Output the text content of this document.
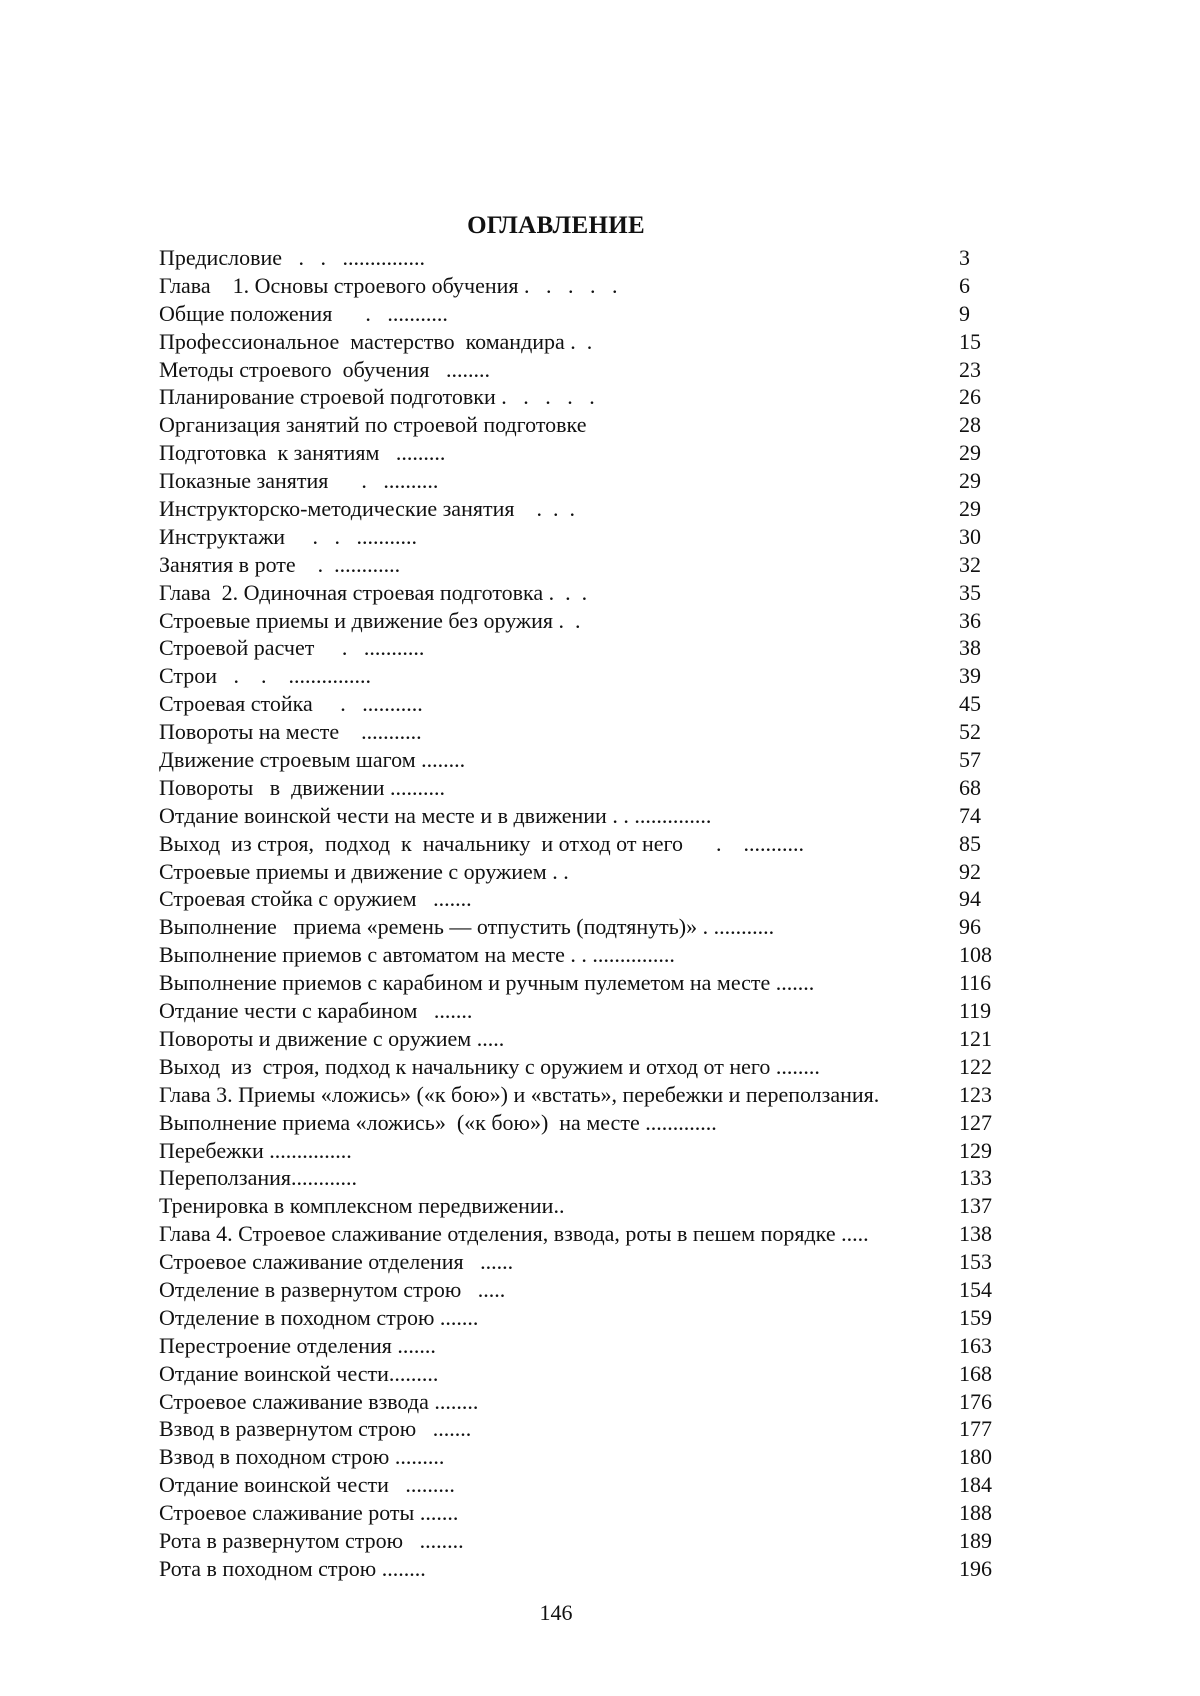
ОГЛАВЛЕНИЕ
Предисловие   .   .   ...............	3
Глава    1. Основы строевого обучения .   .   .   .   .	6
Общие положения      .   ...........	9
Профессиональное  мастерство  командира .  .	15
Методы строевого  обучения   ........	23
Планирование строевой подготовки .   .   .   .   .	26
Организация занятий по строевой подготовке	28
Подготовка  к занятиям   .........	29
Показные занятия      .   ..........	29
Инструкторско-методические занятия    .  .  .	29
Инструктажи     .   .   ...........	30
Занятия в роте    .  ............	32
Глава  2. Одиночная строевая подготовка .  .  .	35
Строевые приемы и движение без оружия .  .	36
Строевой расчет     .   ...........	38
Строи   .    .    ...............	39
Строевая стойка     .   ...........	45
Повороты на месте    ...........	52
Движение строевым шагом ........	57
Повороты   в  движении ..........	68
Отдание воинской чести на месте и в движении . . ..............	74
Выход  из строя,  подход  к  начальнику  и отход от него      .    ...........	85
Строевые приемы и движение с оружием . .	92
Строевая стойка с оружием   .......	94
Выполнение   приема «ремень — отпустить (подтянуть)» . ...........	96
Выполнение приемов с автоматом на месте . . ...............	108
Выполнение приемов с карабином и ручным пулеметом на месте .......	116
Отдание чести с карабином   .......	119
Повороты и движение с оружием .....	121
Выход  из  строя, подход к начальнику с оружием и отход от него ........	122
Глава 3. Приемы «ложись» («к бою») и «встать», перебежки и переползания.	123
Выполнение приема «ложись»  («к бою»)  на месте .............	127
Перебежки ...............	129
Переползания............	133
Тренировка в комплексном передвижении..	137
Глава 4. Строевое слаживание отделения, взвода, роты в пешем порядке .....	138
Строевое слаживание отделения   ......	153
Отделение в развернутом строю   .....	154
Отделение в походном строю .......	159
Перестроение отделения .......	163
Отдание воинской чести.........	168
Строевое слаживание взвода ........	176
Взвод в развернутом строю   .......	177
Взвод в походном строю .........	180
Отдание воинской чести   .........	184
Строевое слаживание роты .......	188
Рота в развернутом строю   ........	189
Рота в походном строю ........	196
146
